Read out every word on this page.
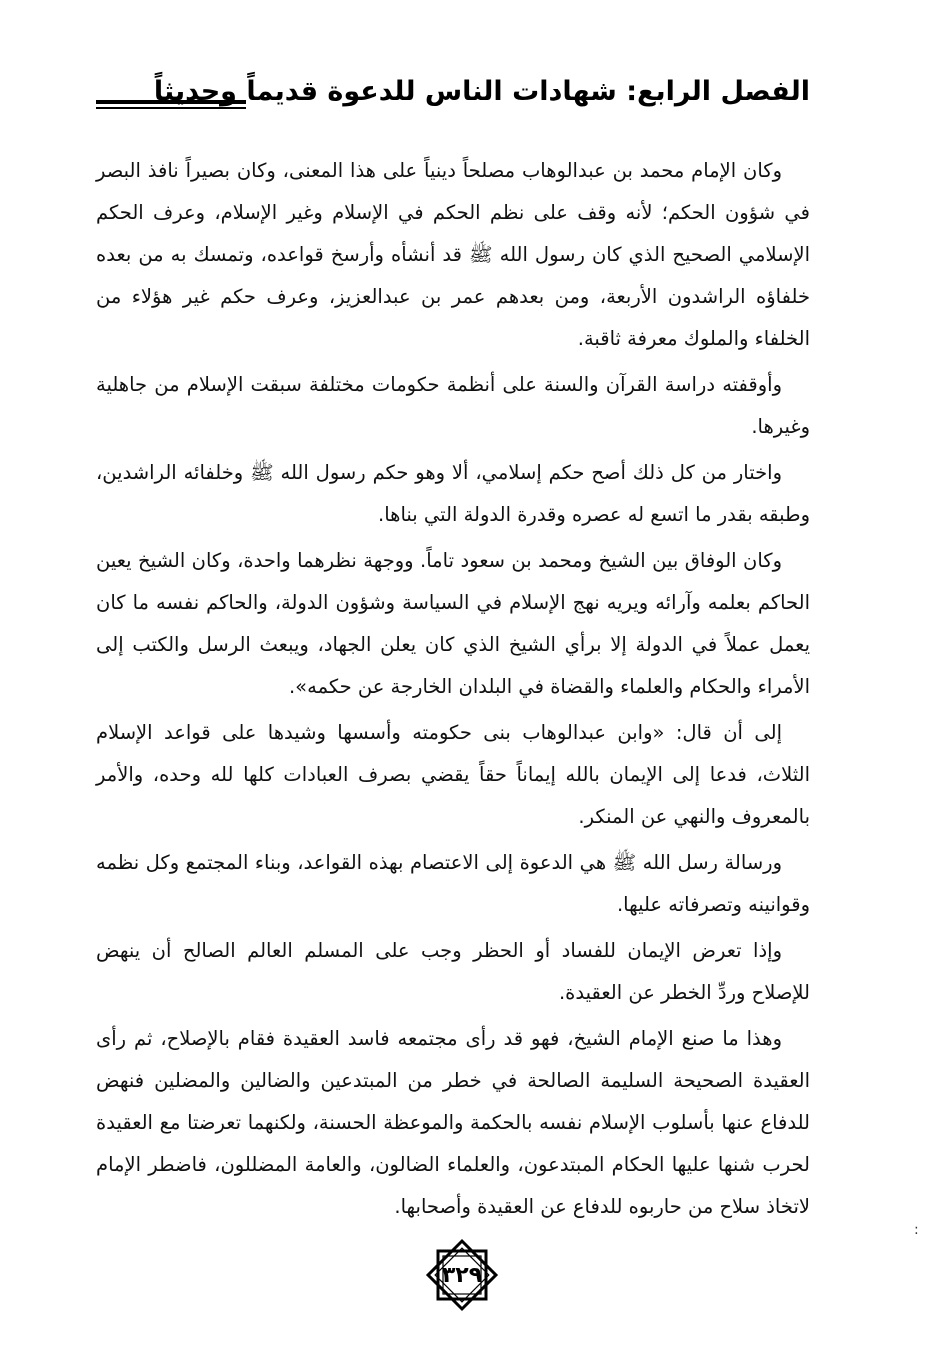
الفصل الرابع: شهادات الناس للدعوة قديماً وحديثاً

وكان الإمام محمد بن عبدالوهاب مصلحاً دينياً على هذا المعنى، وكان بصيراً نافذ البصر في شؤون الحكم؛ لأنه وقف على نظم الحكم في الإسلام وغير الإسلام، وعرف الحكم الإسلامي الصحيح الذي كان رسول الله ﷺ قد أنشأه وأرسخ قواعده، وتمسك به من بعده خلفاؤه الراشدون الأربعة، ومن بعدهم عمر بن عبدالعزيز، وعرف حكم غير هؤلاء من الخلفاء والملوك معرفة ثاقبة.

وأوقفته دراسة القرآن والسنة على أنظمة حكومات مختلفة سبقت الإسلام من جاهلية وغيرها.

واختار من كل ذلك أصح حكم إسلامي، ألا وهو حكم رسول الله ﷺ وخلفائه الراشدين، وطبقه بقدر ما اتسع له عصره وقدرة الدولة التي بناها.

وكان الوفاق بين الشيخ ومحمد بن سعود تاماً. ووجهة نظرهما واحدة، وكان الشيخ يعين الحاكم بعلمه وآرائه ويريه نهج الإسلام في السياسة وشؤون الدولة، والحاكم نفسه ما كان يعمل عملاً في الدولة إلا برأي الشيخ الذي كان يعلن الجهاد، ويبعث الرسل والكتب إلى الأمراء والحكام والعلماء والقضاة في البلدان الخارجة عن حكمه».

إلى أن قال: «وابن عبدالوهاب بنى حكومته وأسسها وشيدها على قواعد الإسلام الثلاث، فدعا إلى الإيمان بالله إيماناً حقاً يقضي بصرف العبادات كلها لله وحده، والأمر بالمعروف والنهي عن المنكر.

ورسالة رسل الله ﷺ هي الدعوة إلى الاعتصام بهذه القواعد، وبناء المجتمع وكل نظمه وقوانينه وتصرفاته عليها.

وإذا تعرض الإيمان للفساد أو الحظر وجب على المسلم العالم الصالح أن ينهض للإصلاح وردِّ الخطر عن العقيدة.

وهذا ما صنع الإمام الشيخ، فهو قد رأى مجتمعه فاسد العقيدة فقام بالإصلاح، ثم رأى العقيدة الصحيحة السليمة الصالحة في خطر من المبتدعين والضالين والمضلين فنهض للدفاع عنها بأسلوب الإسلام نفسه بالحكمة والموعظة الحسنة، ولكنهما تعرضتا مع العقيدة لحرب شنها عليها الحكام المبتدعون، والعلماء الضالون، والعامة المضللون، فاضطر الإمام لاتخاذ سلاح من حاربوه للدفاع عن العقيدة وأصحابها.

٣٢٩
:
